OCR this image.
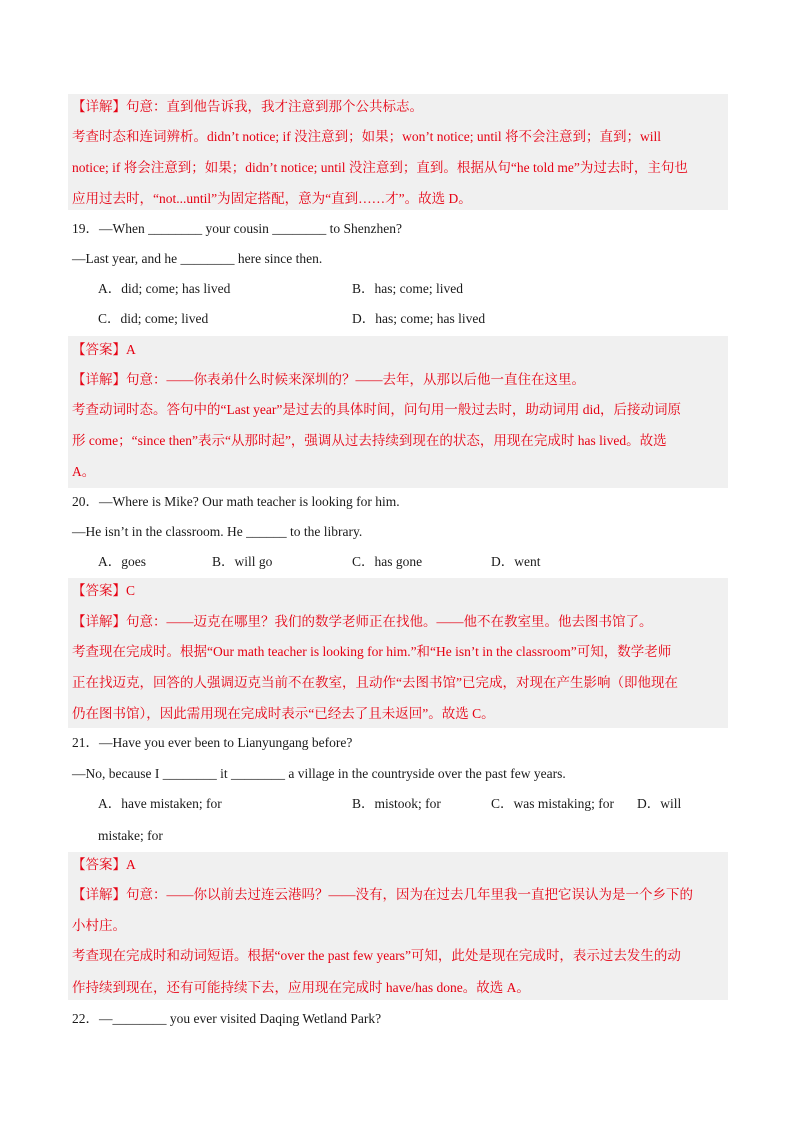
【详解】句意：直到他告诉我，我才注意到那个公共标志。
考查时态和连词辨析。didn’t notice; if 没注意到；如果；won’t notice; until 将不会注意到；直到；will
notice; if 将会注意到；如果；didn’t notice; until 没注意到；直到。根据从句“he told me”为过去时，主句也
应用过去时，“not...until”为固定搭配，意为“直到……才”。故选 D。
19．—When ________ your cousin ________ to Shenzhen?
—Last year, and he ________ here since then.
A．did; come; has lived	B．has; come; lived
C．did; come; lived	D．has; come; has lived
【答案】A
【详解】句意：——你表弟什么时候来深圳的？——去年，从那以后他一直住在这里。
考查动词时态。答句中的“Last year”是过去的具体时间，问句用一般过去时，助动词用 did，后接动词原
形 come；“since then”表示“从那时起”，强调从过去持续到现在的状态，用现在完成时 has lived。故选
A。
20．—Where is Mike? Our math teacher is looking for him.
—He isn’t in the classroom. He ______ to the library.
A．goes	B．will go	C．has gone	D．went
【答案】C
【详解】句意：——迈克在哪里？我们的数学老师正在找他。——他不在教室里。他去图书馆了。
考查现在完成时。根据“Our math teacher is looking for him.”和“He isn’t in the classroom”可知，数学老师
正在找迈克，回答的人强调迈克当前不在教室，且动作“去图书馆”已完成，对现在产生影响（即他现在
仍在图书馆），因此需用现在完成时表示“已经去了且未返回”。故选 C。
21．—Have you ever been to Lianyungang before?
—No, because I ________ it ________ a village in the countryside over the past few years.
A．have mistaken; for	B．mistook; for	C．was mistaking; for D．will
mistake; for
【答案】A
【详解】句意：——你以前去过连云港吗？——没有，因为在过去几年里我一直把它误认为是一个乡下的
小村庄。
考查现在完成时和动词短语。根据“over the past few years”可知，此处是现在完成时，表示过去发生的动
作持续到现在，还有可能持续下去，应用现在完成时 have/has done。故选 A。
22．—________ you ever visited Daqing Wetland Park?
